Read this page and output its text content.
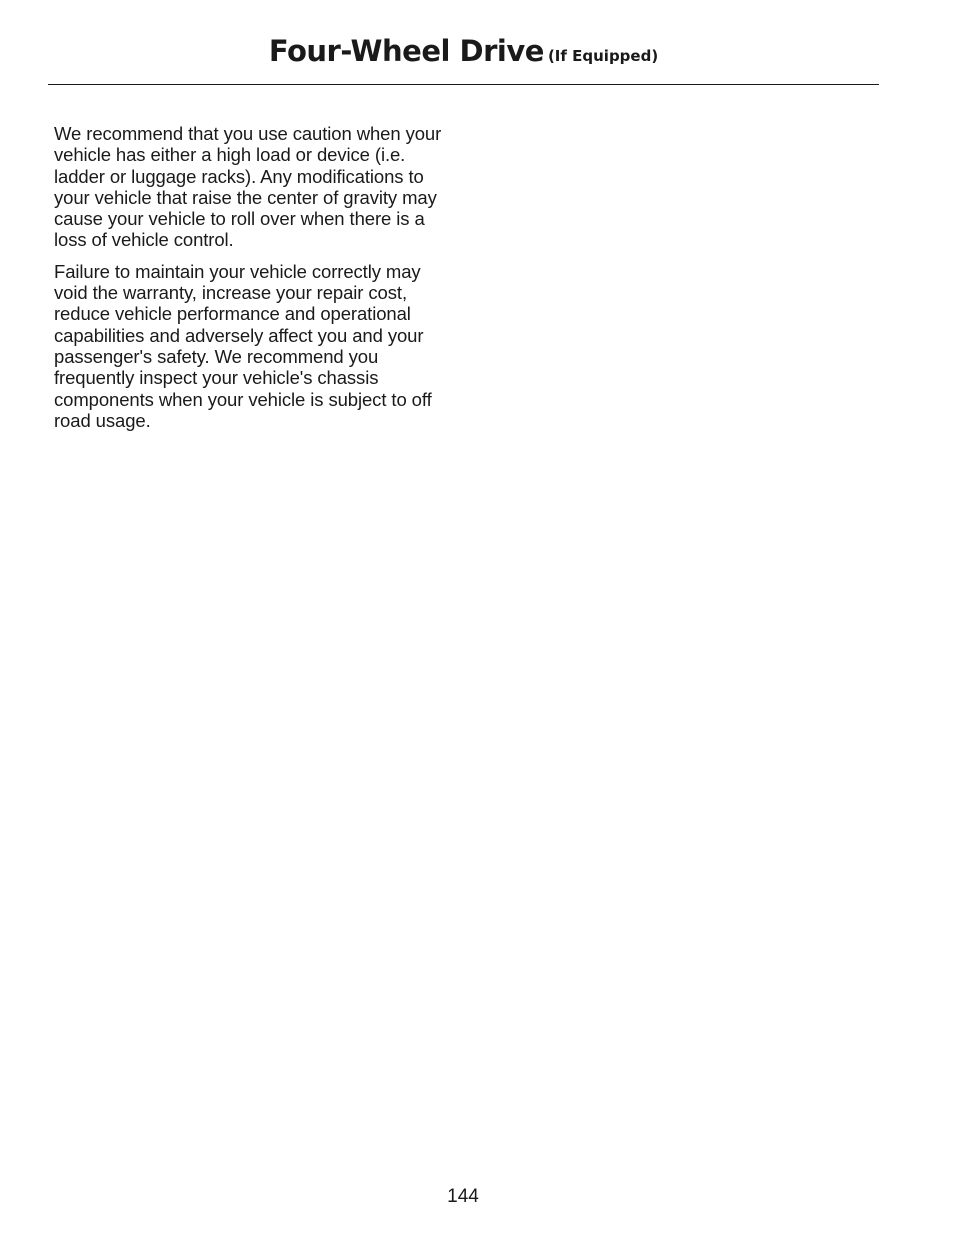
Four-Wheel Drive (If Equipped)

We recommend that you use caution when your vehicle has either a high load or device (i.e. ladder or luggage racks). Any modifications to your vehicle that raise the center of gravity may cause your vehicle to roll over when there is a loss of vehicle control.

Failure to maintain your vehicle correctly may void the warranty, increase your repair cost, reduce vehicle performance and operational capabilities and adversely affect you and your passenger's safety. We recommend you frequently inspect your vehicle's chassis components when your vehicle is subject to off road usage.

144
